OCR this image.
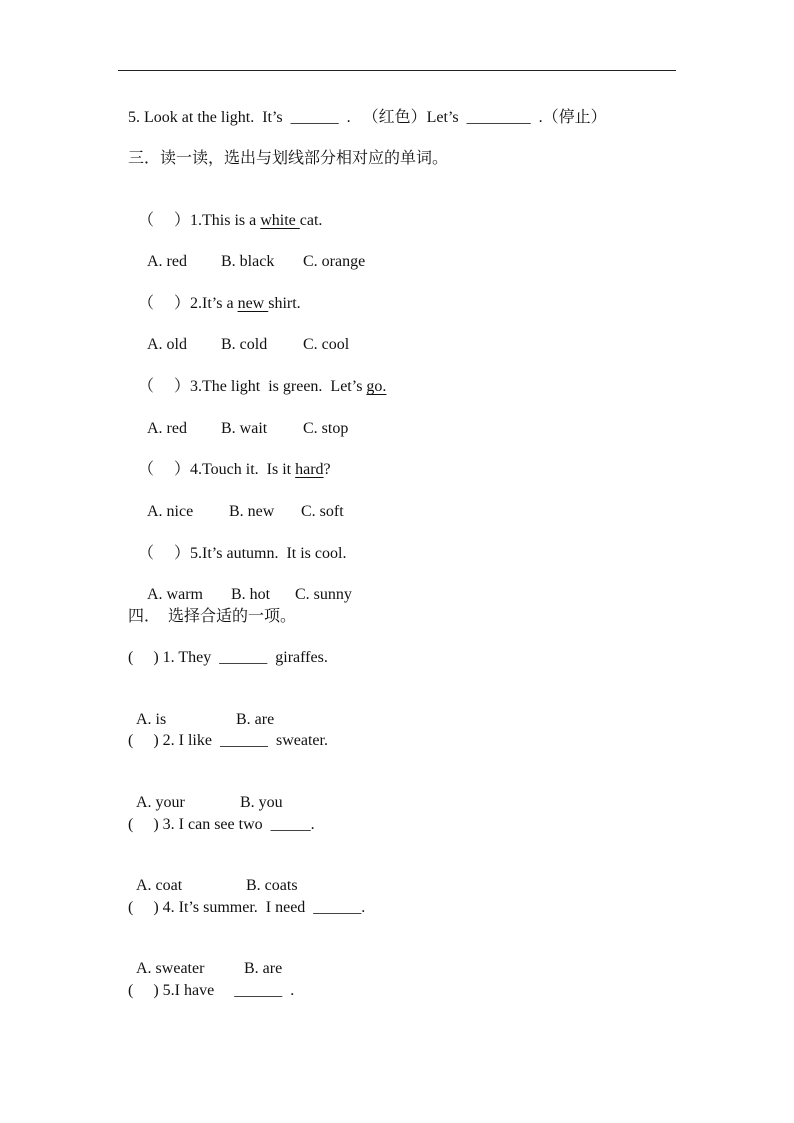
5. Look at the light.  It’s  ______  .   （红色）Let’s  ________  .（停止）
三．读一读，选出与划线部分相对应的单词。

（     ）1.This is a white cat.

A. red B. black C. orange

（     ）2.It’s a new shirt.

A. old B. cold C. cool

（     ）3.The light  is green.  Let’s go.

A. red B. wait C. stop

（     ）4.Touch it.  Is it hard?

A. nice B. new C. soft

（     ）5.It’s autumn.  It is cool.

A. warm B. hot C. sunny

四．  选择合适的一项。
(     ) 1. They  ______  giraffes.

A. is	B. are

(     ) 2. I like  ______  sweater.

A. your	B. you

(     ) 3. I can see two  _____.

A. coat	B. coats

(     ) 4. It’s summer.  I need  ______.

A. sweater B. are

(     ) 5.I have     ______  .
